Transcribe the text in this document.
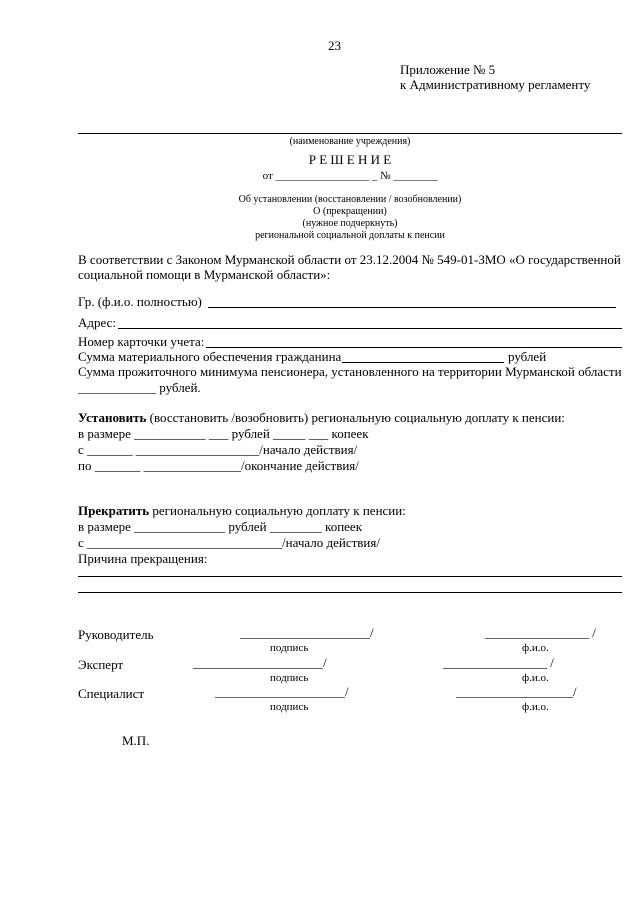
23
Приложение № 5
к Административному регламенту
(наименование учреждения)
Р Е Ш Е Н И Е
от _________________ _ № ________
Об установлении (восстановлении / возобновлении)
О (прекращении)
(нужное подчеркнуть)
региональной социальной доплаты к пенсии
В соответствии с Законом Мурманской области от 23.12.2004 № 549-01-ЗМО «О государственной
социальной помощи в Мурманской области»:
Гр. (ф.и.о. полностью)
Адрес:
Номер карточки учета:
Сумма материального обеспечения гражданина	рублей
Сумма прожиточного минимума пенсионера, установленного на территории Мурманской области
____________ рублей.
Установить (восстановить /возобновить) региональную социальную доплату к пенсии:
в размере ___________ ___ рублей _____ ___ копеек
с _______ ___________________/начало действия/
по _______ _______________/окончание действия/
Прекратить региональную социальную доплату к пенсии:
в размере ______________ рублей ________ копеек
с ______________________________/начало действия/
Причина прекращения:
Руководитель	____________________/	________________ /
подпись	ф.и.о.
Эксперт	____________________/	________________ /
подпись	ф.и.о.
Специалист	____________________/	__________________/
подпись	ф.и.о.
М.П.
